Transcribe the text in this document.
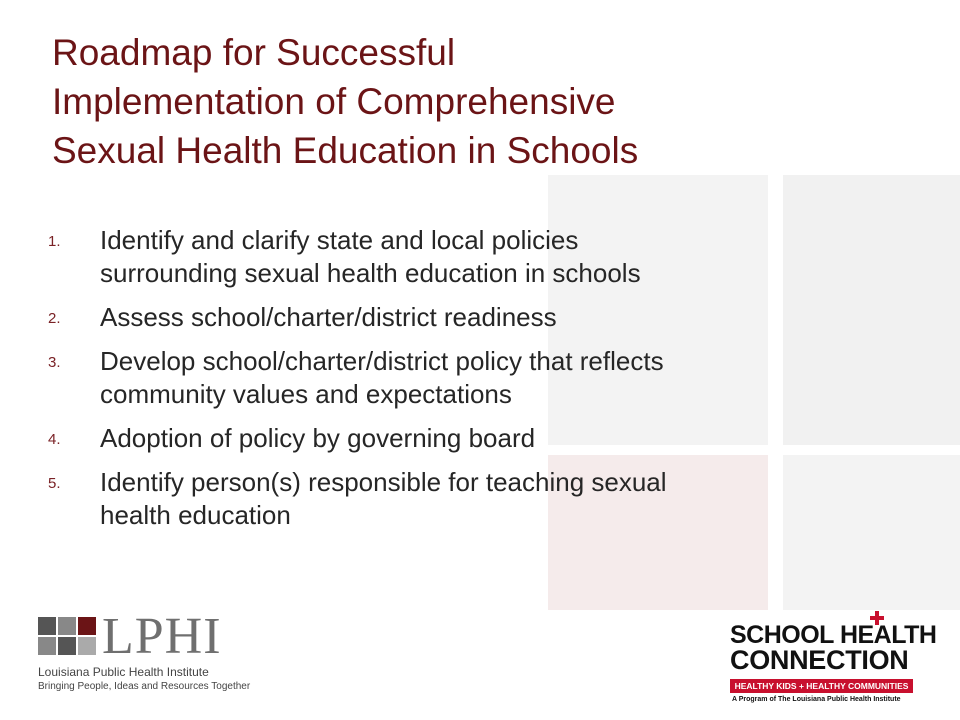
Roadmap for Successful
Implementation of Comprehensive
Sexual Health Education in Schools
1. Identify and clarify state and local policies
surrounding sexual health education in schools
2. Assess school/charter/district readiness
3. Develop school/charter/district policy that reflects
community values and expectations
4. Adoption of policy by governing board
5. Identify person(s) responsible for teaching sexual
health education
LPHI
Louisiana Public Health Institute
Bringing People, Ideas and Resources Together
SCHOOL HEALTH
CONNECTION
HEALTHY KIDS + HEALTHY COMMUNITIES
A Program of The Louisiana Public Health Institute
